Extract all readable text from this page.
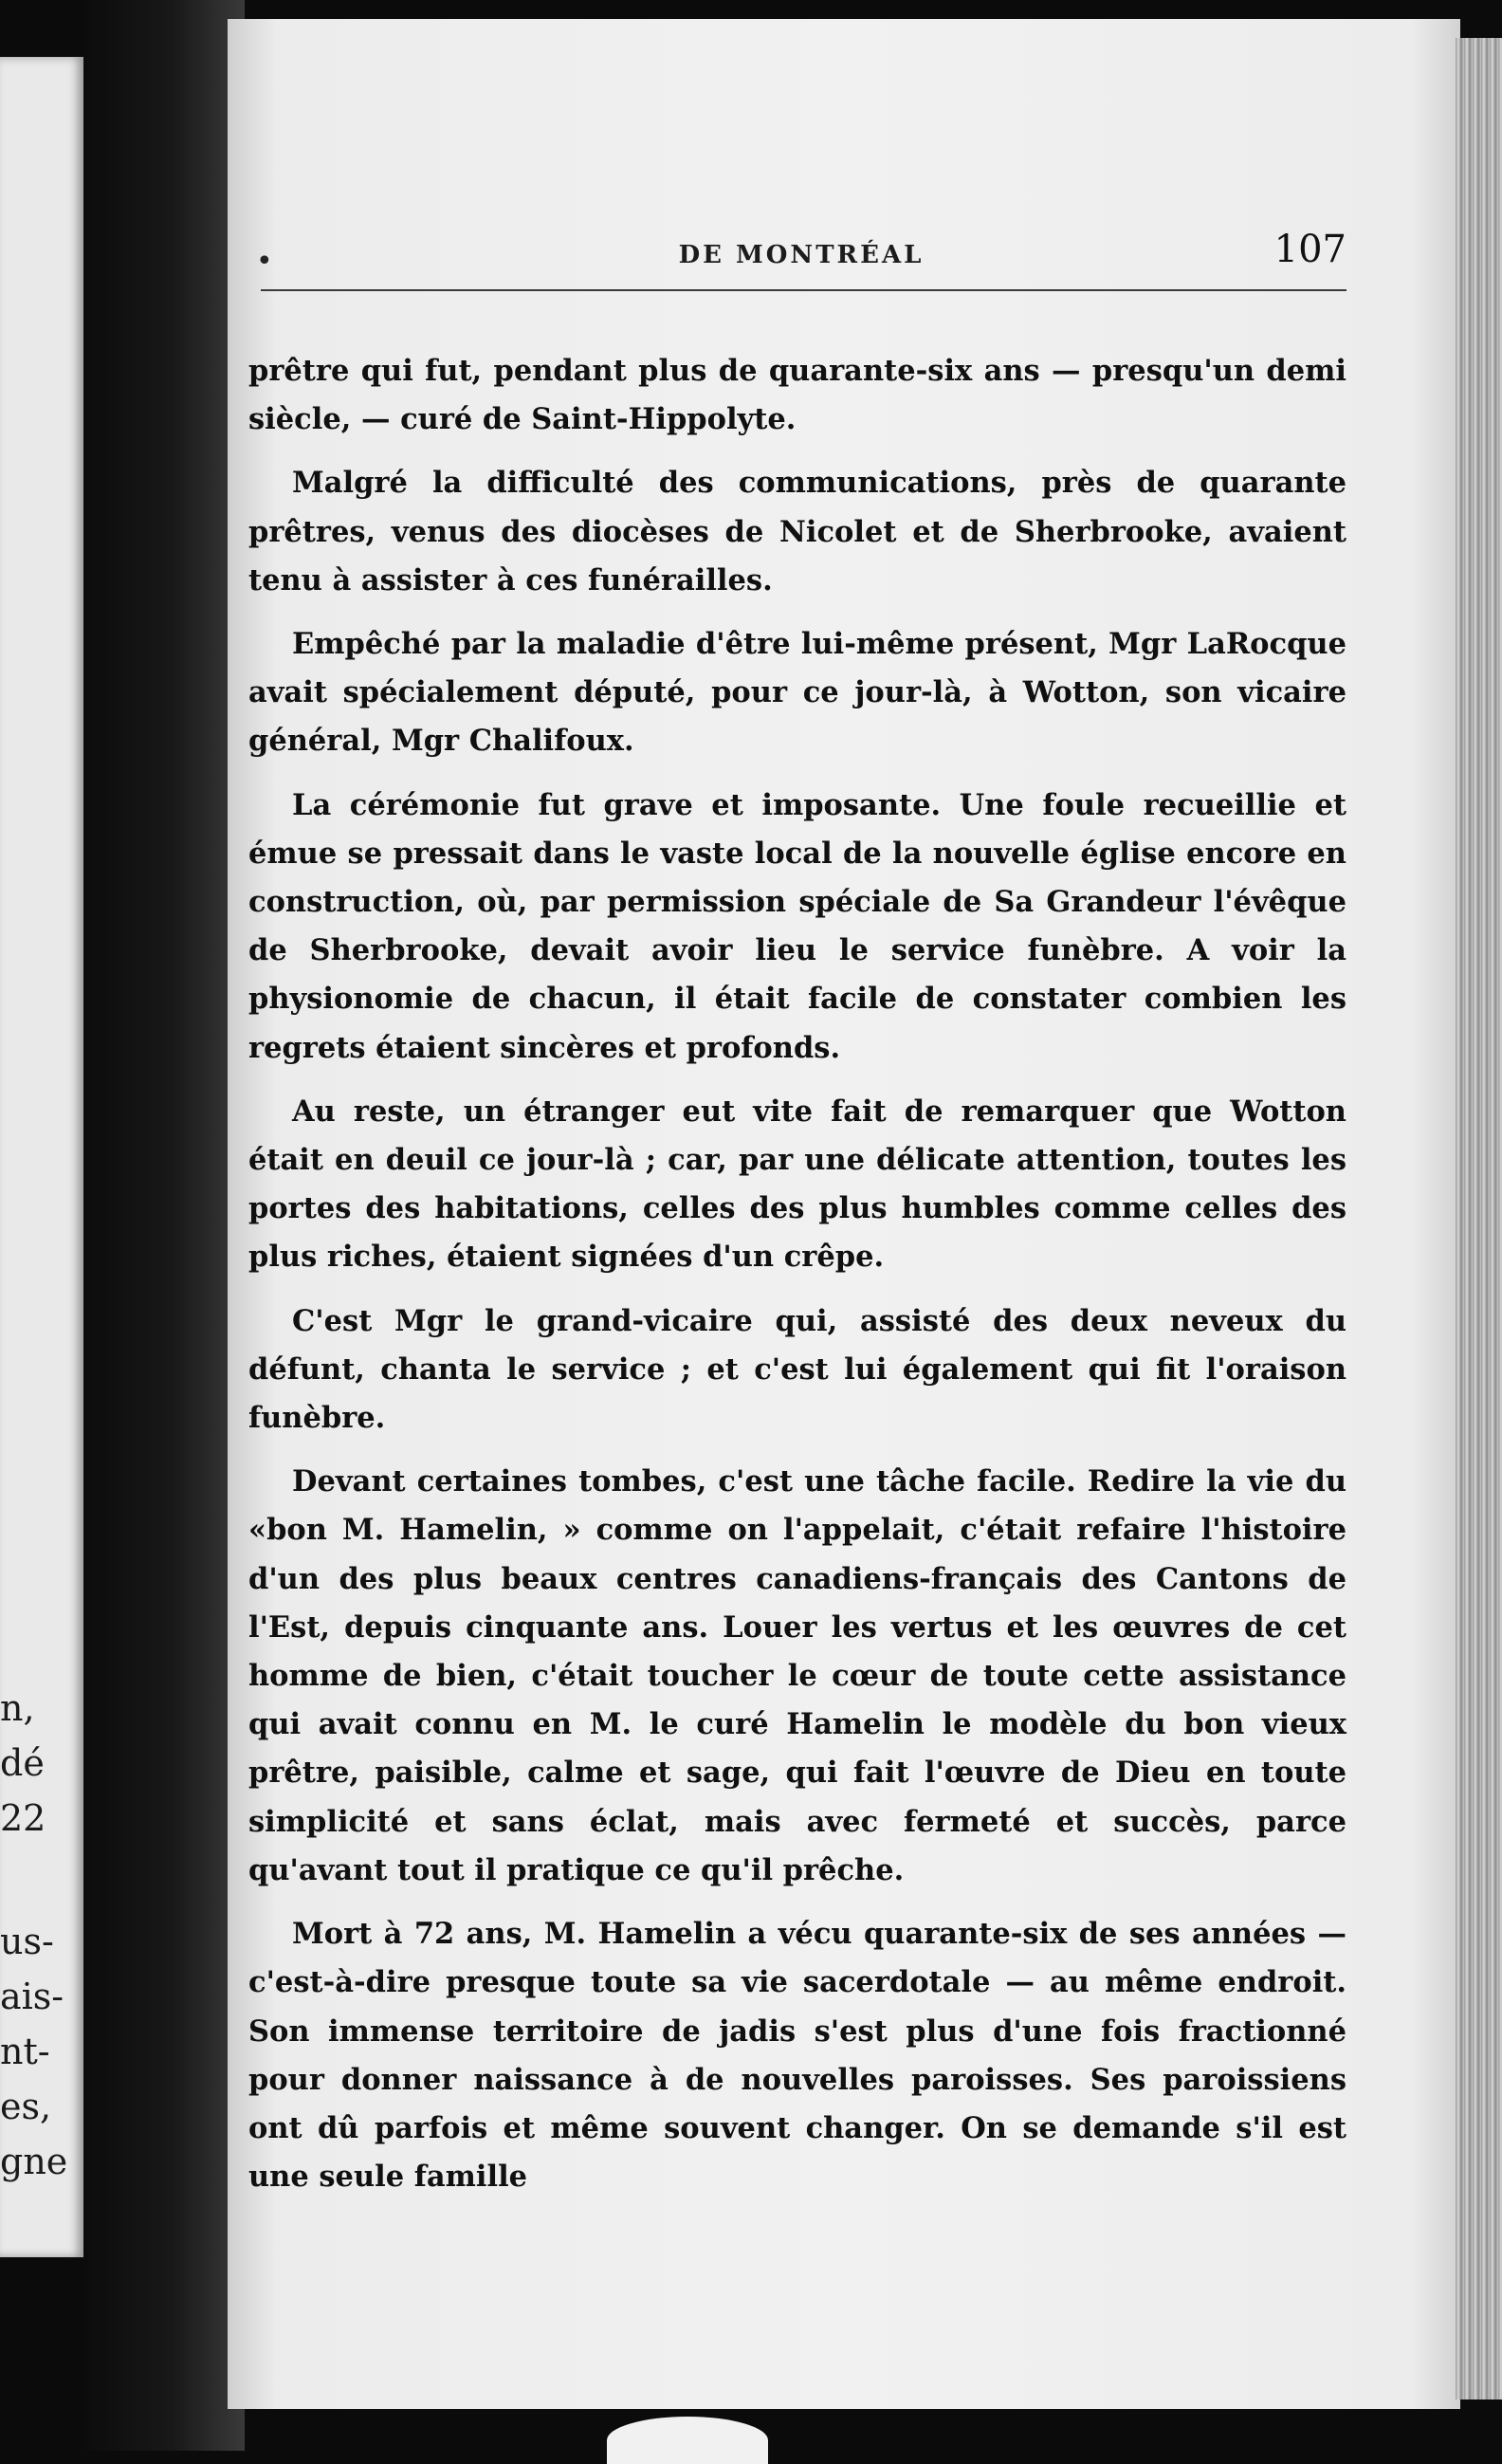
n,
dé
22
us-
ais-
nt-
es,
gne
•	DE MONTRÉAL	107

prêtre qui fut, pendant plus de quarante-six ans — presqu'un demi siècle, — curé de Saint-Hippolyte.

Malgré la difficulté des communications, près de quarante prêtres, venus des diocèses de Nicolet et de Sherbrooke, avaient tenu à assister à ces funérailles.

Empêché par la maladie d'être lui-même présent, Mgr LaRocque avait spécialement député, pour ce jour-là, à Wotton, son vicaire général, Mgr Chalifoux.

La cérémonie fut grave et imposante. Une foule recueillie et émue se pressait dans le vaste local de la nouvelle église encore en construction, où, par permission spéciale de Sa Grandeur l'évêque de Sherbrooke, devait avoir lieu le service funèbre. A voir la physionomie de chacun, il était facile de constater combien les regrets étaient sincères et profonds.

Au reste, un étranger eut vite fait de remarquer que Wotton était en deuil ce jour-là ; car, par une délicate attention, toutes les portes des habitations, celles des plus humbles comme celles des plus riches, étaient signées d'un crêpe.

C'est Mgr le grand-vicaire qui, assisté des deux neveux du défunt, chanta le service ; et c'est lui également qui fit l'oraison funèbre.

Devant certaines tombes, c'est une tâche facile. Redire la vie du «bon M. Hamelin, » comme on l'appelait, c'était refaire l'histoire d'un des plus beaux centres canadiens-français des Cantons de l'Est, depuis cinquante ans. Louer les vertus et les œuvres de cet homme de bien, c'était toucher le cœur de toute cette assistance qui avait connu en M. le curé Hamelin le modèle du bon vieux prêtre, paisible, calme et sage, qui fait l'œuvre de Dieu en toute simplicité et sans éclat, mais avec fermeté et succès, parce qu'avant tout il pratique ce qu'il prêche.

Mort à 72 ans, M. Hamelin a vécu quarante-six de ses années — c'est-à-dire presque toute sa vie sacerdotale — au même endroit. Son immense territoire de jadis s'est plus d'une fois fractionné pour donner naissance à de nouvelles paroisses. Ses paroissiens ont dû parfois et même souvent changer. On se demande s'il est une seule famille
